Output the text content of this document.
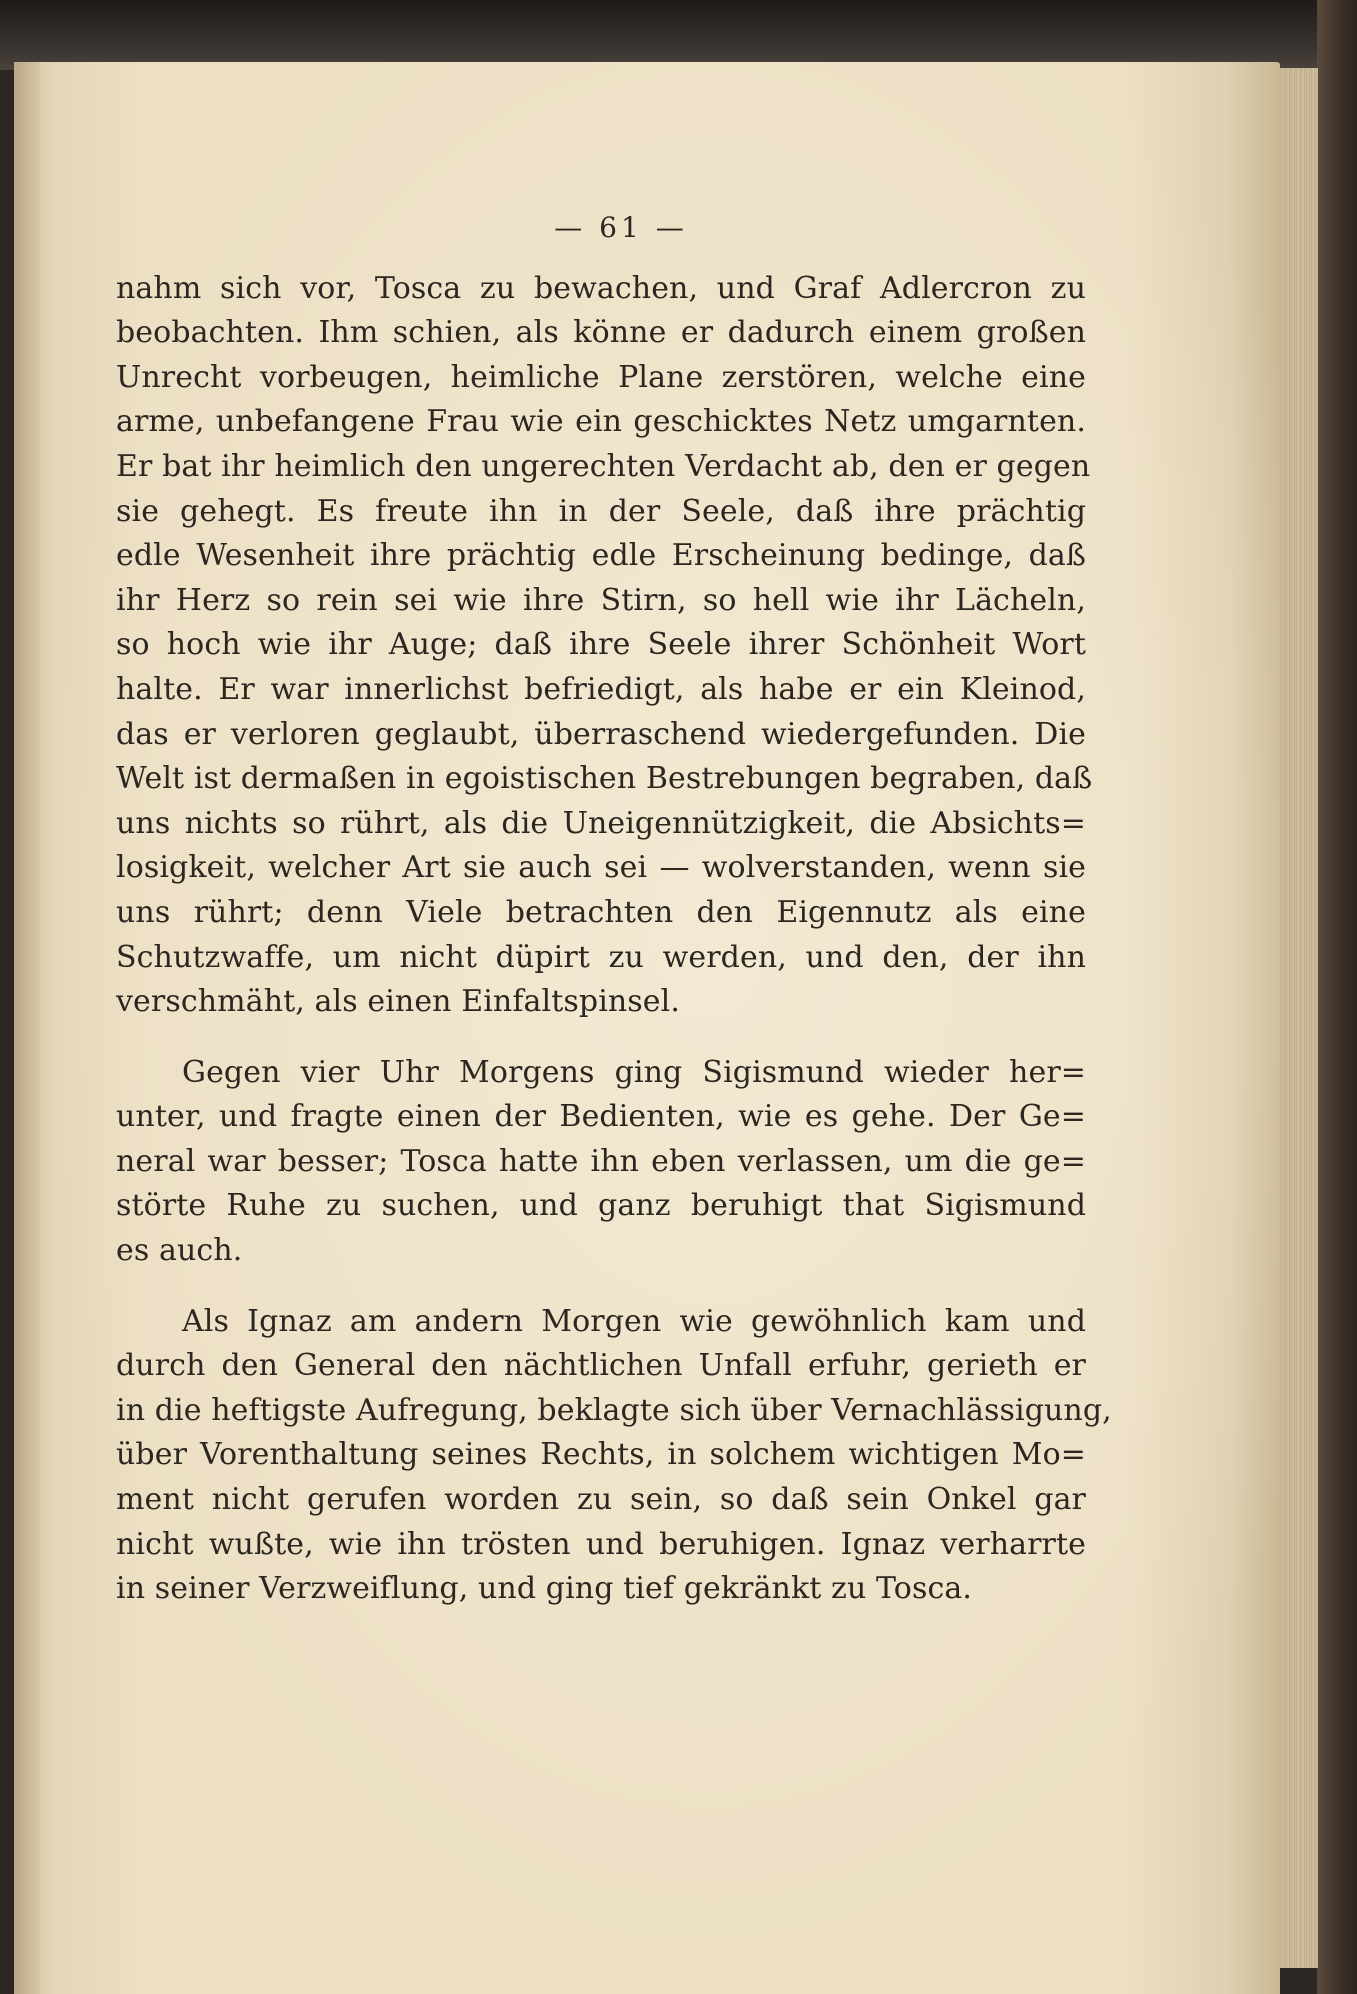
— 61 —
nahm sich vor, Tosca zu bewachen, und Graf Adlercron zu
beobachten. Ihm schien, als könne er dadurch einem großen
Unrecht vorbeugen, heimliche Plane zerstören, welche eine
arme, unbefangene Frau wie ein geschicktes Netz umgarnten.
Er bat ihr heimlich den ungerechten Verdacht ab, den er gegen
sie gehegt. Es freute ihn in der Seele, daß ihre prächtig
edle Wesenheit ihre prächtig edle Erscheinung bedinge, daß
ihr Herz so rein sei wie ihre Stirn, so hell wie ihr Lächeln,
so hoch wie ihr Auge; daß ihre Seele ihrer Schönheit Wort
halte. Er war innerlichst befriedigt, als habe er ein Kleinod,
das er verloren geglaubt, überraschend wiedergefunden. Die
Welt ist dermaßen in egoistischen Bestrebungen begraben, daß
uns nichts so rührt, als die Uneigennützigkeit, die Absichts=
losigkeit, welcher Art sie auch sei — wolverstanden, wenn sie
uns rührt; denn Viele betrachten den Eigennutz als eine
Schutzwaffe, um nicht düpirt zu werden, und den, der ihn
verschmäht, als einen Einfaltspinsel.
Gegen vier Uhr Morgens ging Sigismund wieder her=
unter, und fragte einen der Bedienten, wie es gehe. Der Ge=
neral war besser; Tosca hatte ihn eben verlassen, um die ge=
störte Ruhe zu suchen, und ganz beruhigt that Sigismund
es auch.
Als Ignaz am andern Morgen wie gewöhnlich kam und
durch den General den nächtlichen Unfall erfuhr, gerieth er
in die heftigste Aufregung, beklagte sich über Vernachlässigung,
über Vorenthaltung seines Rechts, in solchem wichtigen Mo=
ment nicht gerufen worden zu sein, so daß sein Onkel gar
nicht wußte, wie ihn trösten und beruhigen. Ignaz verharrte
in seiner Verzweiflung, und ging tief gekränkt zu Tosca.
